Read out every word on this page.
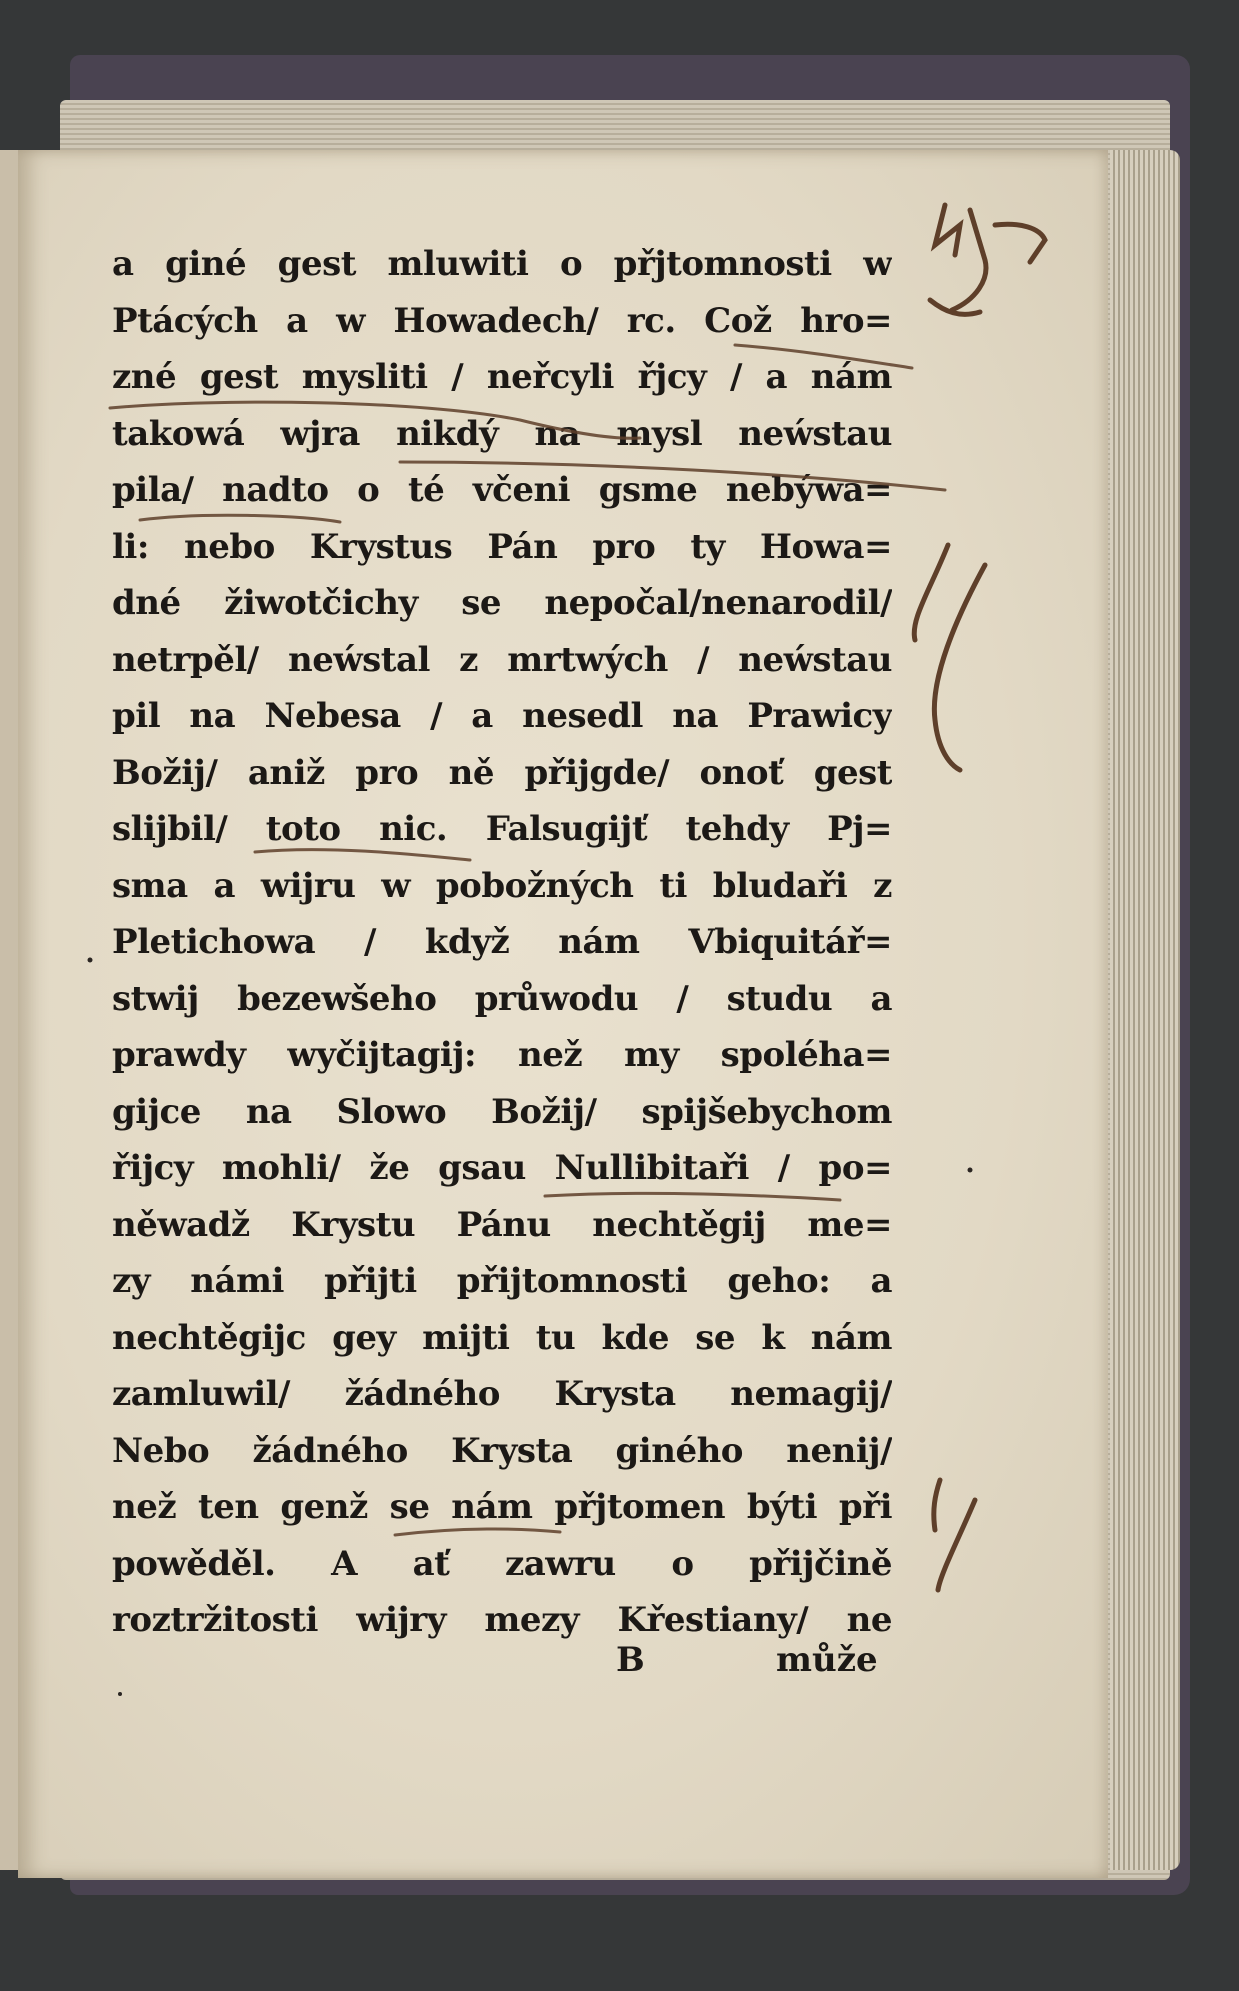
a giné gest mluwiti o přjtomnosti w
Ptácých a w Howadech/ rc. Což hro=
zné gest mysliti / neřcyli řjcy / a nám
takowá wjra nikdý na mysl neẃstau
pila/ nadto o té včeni gsme nebýwa=
li: nebo Krystus Pán pro ty Howa=
dné žiwotčichy se nepočal/nenarodil/
netrpěl/ neẃstal z mrtwých / neẃstau
pil na Nebesa / a nesedl na Prawicy
Božij/ aniž pro ně přijgde/ onoť gest
slijbil/ toto nic. Falsugijť tehdy Pj=
sma a wijru w pobožných ti bludaři z
Pletichowa / když nám Vbiquitář=
stwij bezewšeho průwodu / studu a
prawdy wyčijtagij: než my spoléha=
gijce na Slowo Božij/ spijšebychom
řijcy mohli/ že gsau Nullibitaři / po=
něwadž Krystu Pánu nechtěgij me=
zy námi přijti přijtomnosti geho: a
nechtěgijc gey mijti tu kde se k nám
zamluwil/ žádného Krysta nemagij/
Nebo žádného Krysta giného nenij/
než ten genž se nám přjtomen býti při
powěděl. A ať zawru o přijčině
roztržitosti wijry mezy Křestiany/ ne
B	může
